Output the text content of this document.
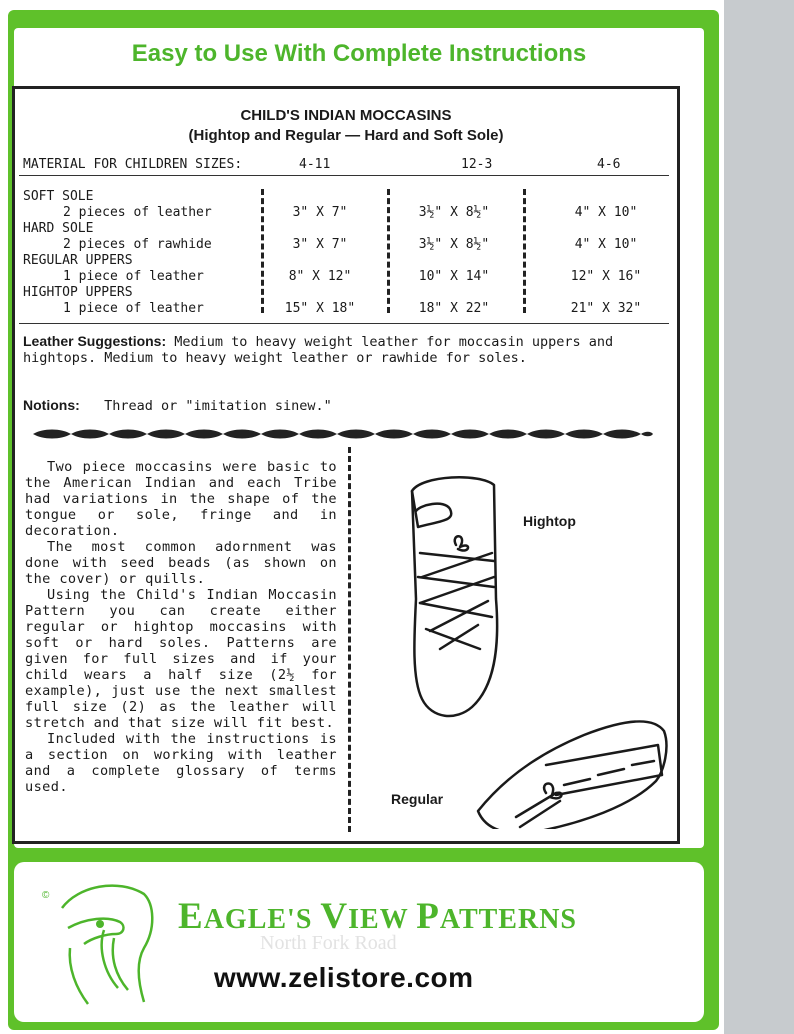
Easy to Use With Complete Instructions
CHILD'S INDIAN MOCCASINS
(Hightop and Regular — Hard and Soft Sole)
MATERIAL FOR CHILDREN SIZES:	4-11	12-3	4-6
SOFT SOLE
2 pieces of leather	3" X 7"	3½" X 8½"	4" X 10"
HARD SOLE
2 pieces of rawhide	3" X 7"	3½" X 8½"	4" X 10"
REGULAR UPPERS
1 piece of leather	8" X 12"	10" X 14"	12" X 16"
HIGHTOP UPPERS
1 piece of leather	15" X 18"	18" X 22"	21" X 32"
Leather Suggestions: Medium to heavy weight leather for moccasin uppers and hightops. Medium to heavy weight leather or rawhide for soles.
Notions: Thread or "imitation sinew."

Two piece moccasins were basic to the American Indian and each Tribe had variations in the shape of the tongue or sole, fringe and in decoration.

The most common adornment was done with seed beads (as shown on the cover) or quills.

Using the Child's Indian Moccasin Pattern you can create either regular or hightop moccasins with soft or hard soles. Patterns are given for full sizes and if your child wears a half size (2½ for example), just use the next smallest full size (2) as the leather will stretch and that size will fit best.

Included with the instructions is a section on working with leather and a complete glossary of terms used.

Hightop
Regular
©
EAGLE'S VIEW PATTERNS
North Fork Road
www.zelistore.com
